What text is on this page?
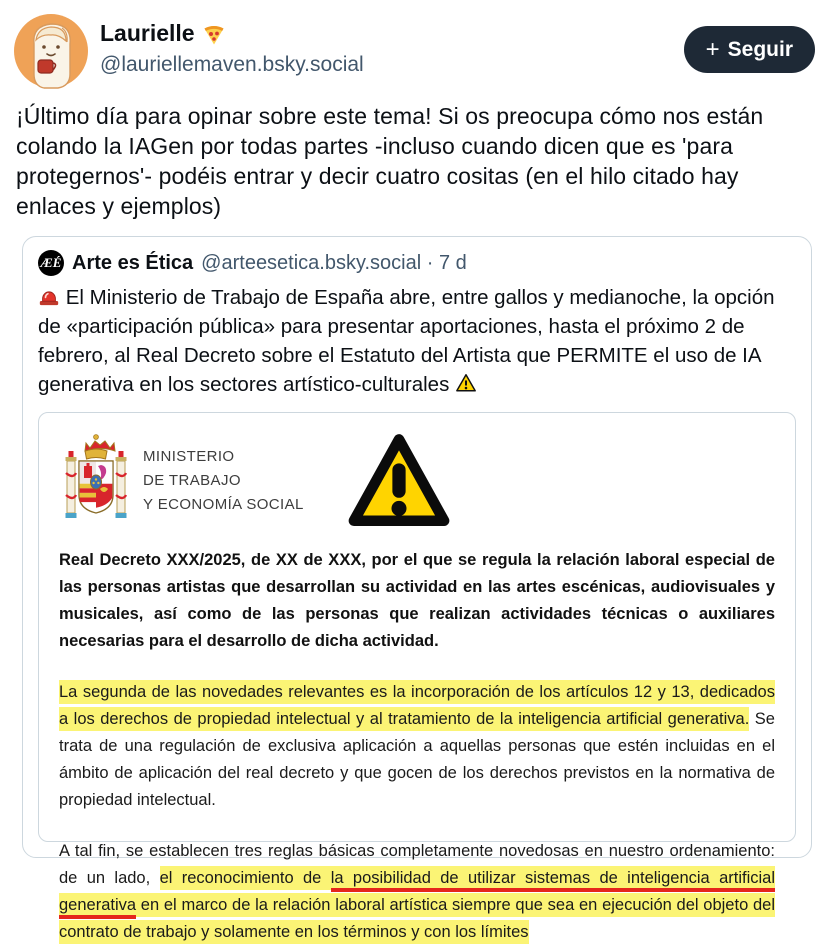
Laurielle
@lauriellemaven.bsky.social
+ Seguir
¡Último día para opinar sobre este tema! Si os preocupa cómo nos están colando la IAGen por todas partes -incluso cuando dicen que es 'para protegernos'- podéis entrar y decir cuatro cositas (en el hilo citado hay enlaces y ejemplos)
ÆÉ Arte es Ética @arteesetica.bsky.social · 7 d
El Ministerio de Trabajo de España abre, entre gallos y medianoche, la opción de «participación pública» para presentar aportaciones, hasta el próximo 2 de febrero, al Real Decreto sobre el Estatuto del Artista que PERMITE el uso de IA generativa en los sectores artístico-culturales
MINISTERIO
DE TRABAJO
Y ECONOMÍA SOCIAL
Real Decreto XXX/2025, de XX de XXX, por el que se regula la relación laboral especial de las personas artistas que desarrollan su actividad en las artes escénicas, audiovisuales y musicales, así como de las personas que realizan actividades técnicas o auxiliares necesarias para el desarrollo de dicha actividad.
La segunda de las novedades relevantes es la incorporación de los artículos 12 y 13, dedicados a los derechos de propiedad intelectual y al tratamiento de la inteligencia artificial generativa. Se trata de una regulación de exclusiva aplicación a aquellas personas que estén incluidas en el ámbito de aplicación del real decreto y que gocen de los derechos previstos en la normativa de propiedad intelectual.
A tal fin, se establecen tres reglas básicas completamente novedosas en nuestro ordenamiento: de un lado, el reconocimiento de la posibilidad de utilizar sistemas de inteligencia artificial generativa en el marco de la relación laboral artística siempre que sea en ejecución del objeto del contrato de trabajo y solamente en los términos y con los límites
